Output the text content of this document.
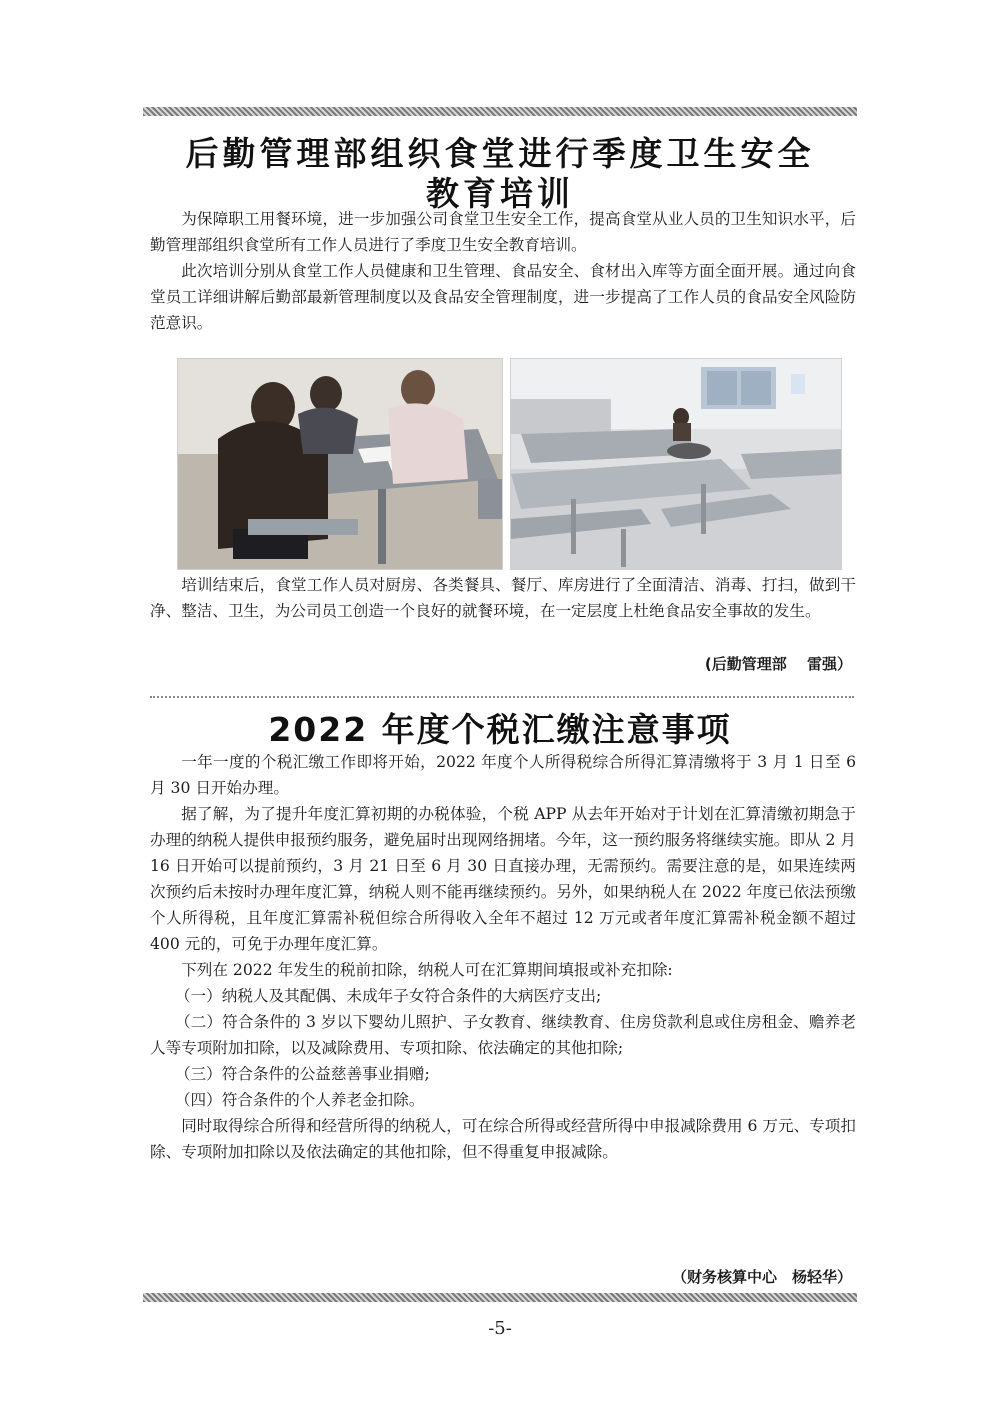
后勤管理部组织食堂进行季度卫生安全
教育培训

为保障职工用餐环境，进一步加强公司食堂卫生安全工作，提高食堂从业人员的卫生知识水平，后勤管理部组织食堂所有工作人员进行了季度卫生安全教育培训。

此次培训分别从食堂工作人员健康和卫生管理、食品安全、食材出入库等方面全面开展。通过向食堂员工详细讲解后勤部最新管理制度以及食品安全管理制度，进一步提高了工作人员的食品安全风险防范意识。

培训结束后，食堂工作人员对厨房、各类餐具、餐厅、库房进行了全面清洁、消毒、打扫，做到干净、整洁、卫生，为公司员工创造一个良好的就餐环境，在一定层度上杜绝食品安全事故的发生。

(后勤管理部　 雷强）
2022 年度个税汇缴注意事项

一年一度的个税汇缴工作即将开始，2022 年度个人所得税综合所得汇算清缴将于 3 月 1 日至 6 月 30 日开始办理。

据了解，为了提升年度汇算初期的办税体验，个税 APP 从去年开始对于计划在汇算清缴初期急于办理的纳税人提供申报预约服务，避免届时出现网络拥堵。今年，这一预约服务将继续实施。即从 2 月 16 日开始可以提前预约，3 月 21 日至 6 月 30 日直接办理，无需预约。需要注意的是，如果连续两次预约后未按时办理年度汇算，纳税人则不能再继续预约。另外，如果纳税人在 2022 年度已依法预缴个人所得税，且年度汇算需补税但综合所得收入全年不超过 12 万元或者年度汇算需补税金额不超过 400 元的，可免于办理年度汇算。

下列在 2022 年发生的税前扣除，纳税人可在汇算期间填报或补充扣除:

（一）纳税人及其配偶、未成年子女符合条件的大病医疗支出;

（二）符合条件的 3 岁以下婴幼儿照护、子女教育、继续教育、住房贷款利息或住房租金、赡养老人等专项附加扣除，以及减除费用、专项扣除、依法确定的其他扣除;

（三）符合条件的公益慈善事业捐赠;

（四）符合条件的个人养老金扣除。

同时取得综合所得和经营所得的纳税人，可在综合所得或经营所得中申报减除费用 6 万元、专项扣除、专项附加扣除以及依法确定的其他扣除，但不得重复申报减除。

（财务核算中心　杨轻华）
-5-
